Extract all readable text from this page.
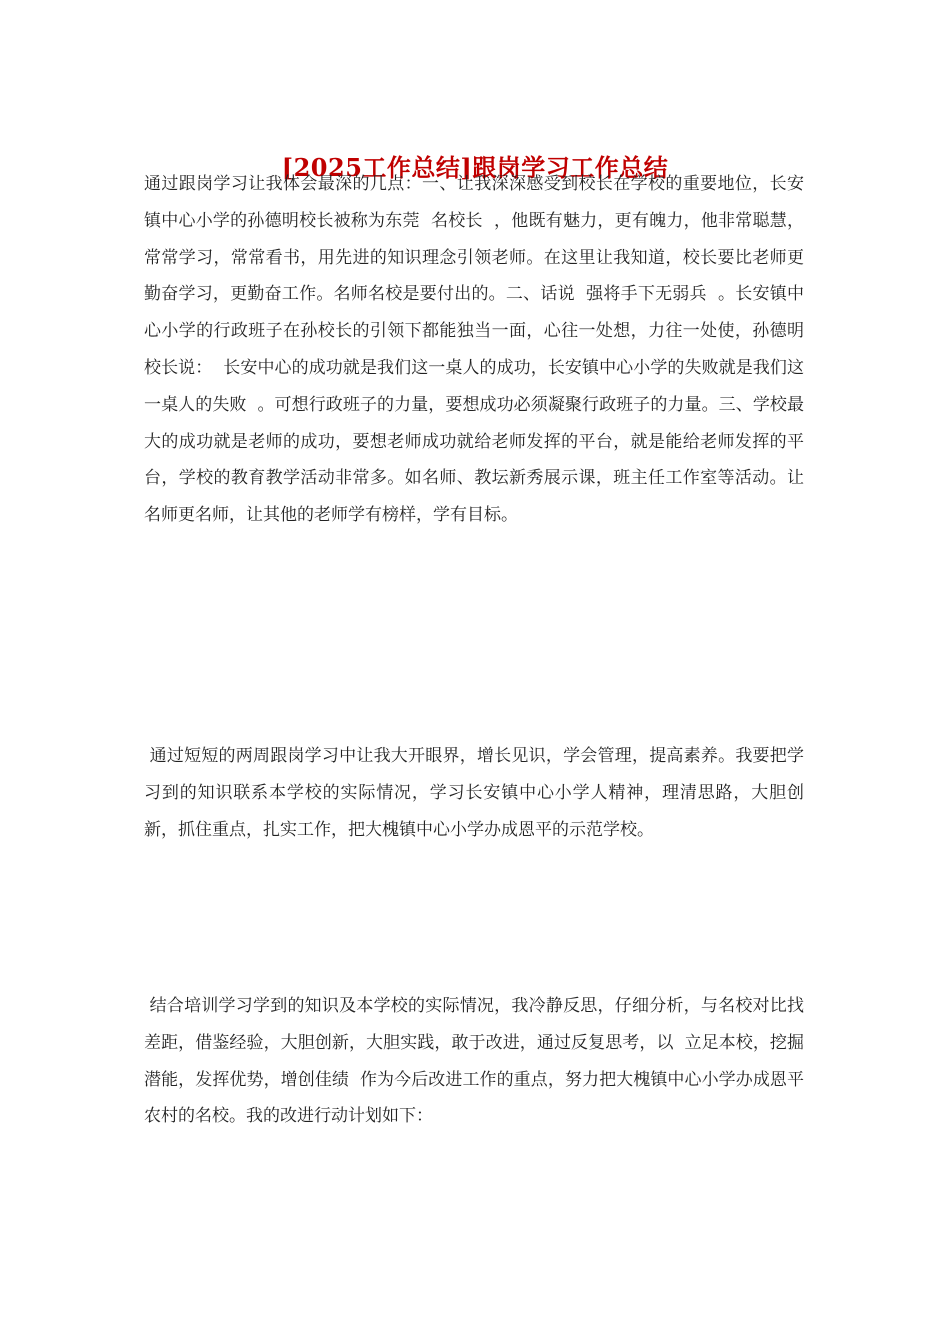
[2025工作总结]跟岗学习工作总结

通过跟岗学习让我体会最深的几点：一、让我深深感受到校长在学校的重要地位，长安镇中心小学的孙德明校长被称为东莞  名校长  ，他既有魅力，更有魄力，他非常聪慧，常常学习，常常看书，用先进的知识理念引领老师。在这里让我知道，校长要比老师更勤奋学习，更勤奋工作。名师名校是要付出的。二、话说  强将手下无弱兵  。长安镇中心小学的行政班子在孙校长的引领下都能独当一面，心往一处想，力往一处使，孙德明校长说：  长安中心的成功就是我们这一桌人的成功，长安镇中心小学的失败就是我们这一桌人的失败  。可想行政班子的力量，要想成功必须凝聚行政班子的力量。三、学校最大的成功就是老师的成功，要想老师成功就给老师发挥的平台，就是能给老师发挥的平台，学校的教育教学活动非常多。如名师、教坛新秀展示课，班主任工作室等活动。让名师更名师，让其他的老师学有榜样，学有目标。

通过短短的两周跟岗学习中让我大开眼界，增长见识，学会管理，提高素养。我要把学习到的知识联系本学校的实际情况，学习长安镇中心小学人精神，理清思路，大胆创新，抓住重点，扎实工作，把大槐镇中心小学办成恩平的示范学校。

结合培训学习学到的知识及本学校的实际情况，我冷静反思，仔细分析，与名校对比找差距，借鉴经验，大胆创新，大胆实践，敢于改进，通过反复思考，以  立足本校，挖掘潜能，发挥优势，增创佳绩  作为今后改进工作的重点，努力把大槐镇中心小学办成恩平农村的名校。我的改进行动计划如下：
